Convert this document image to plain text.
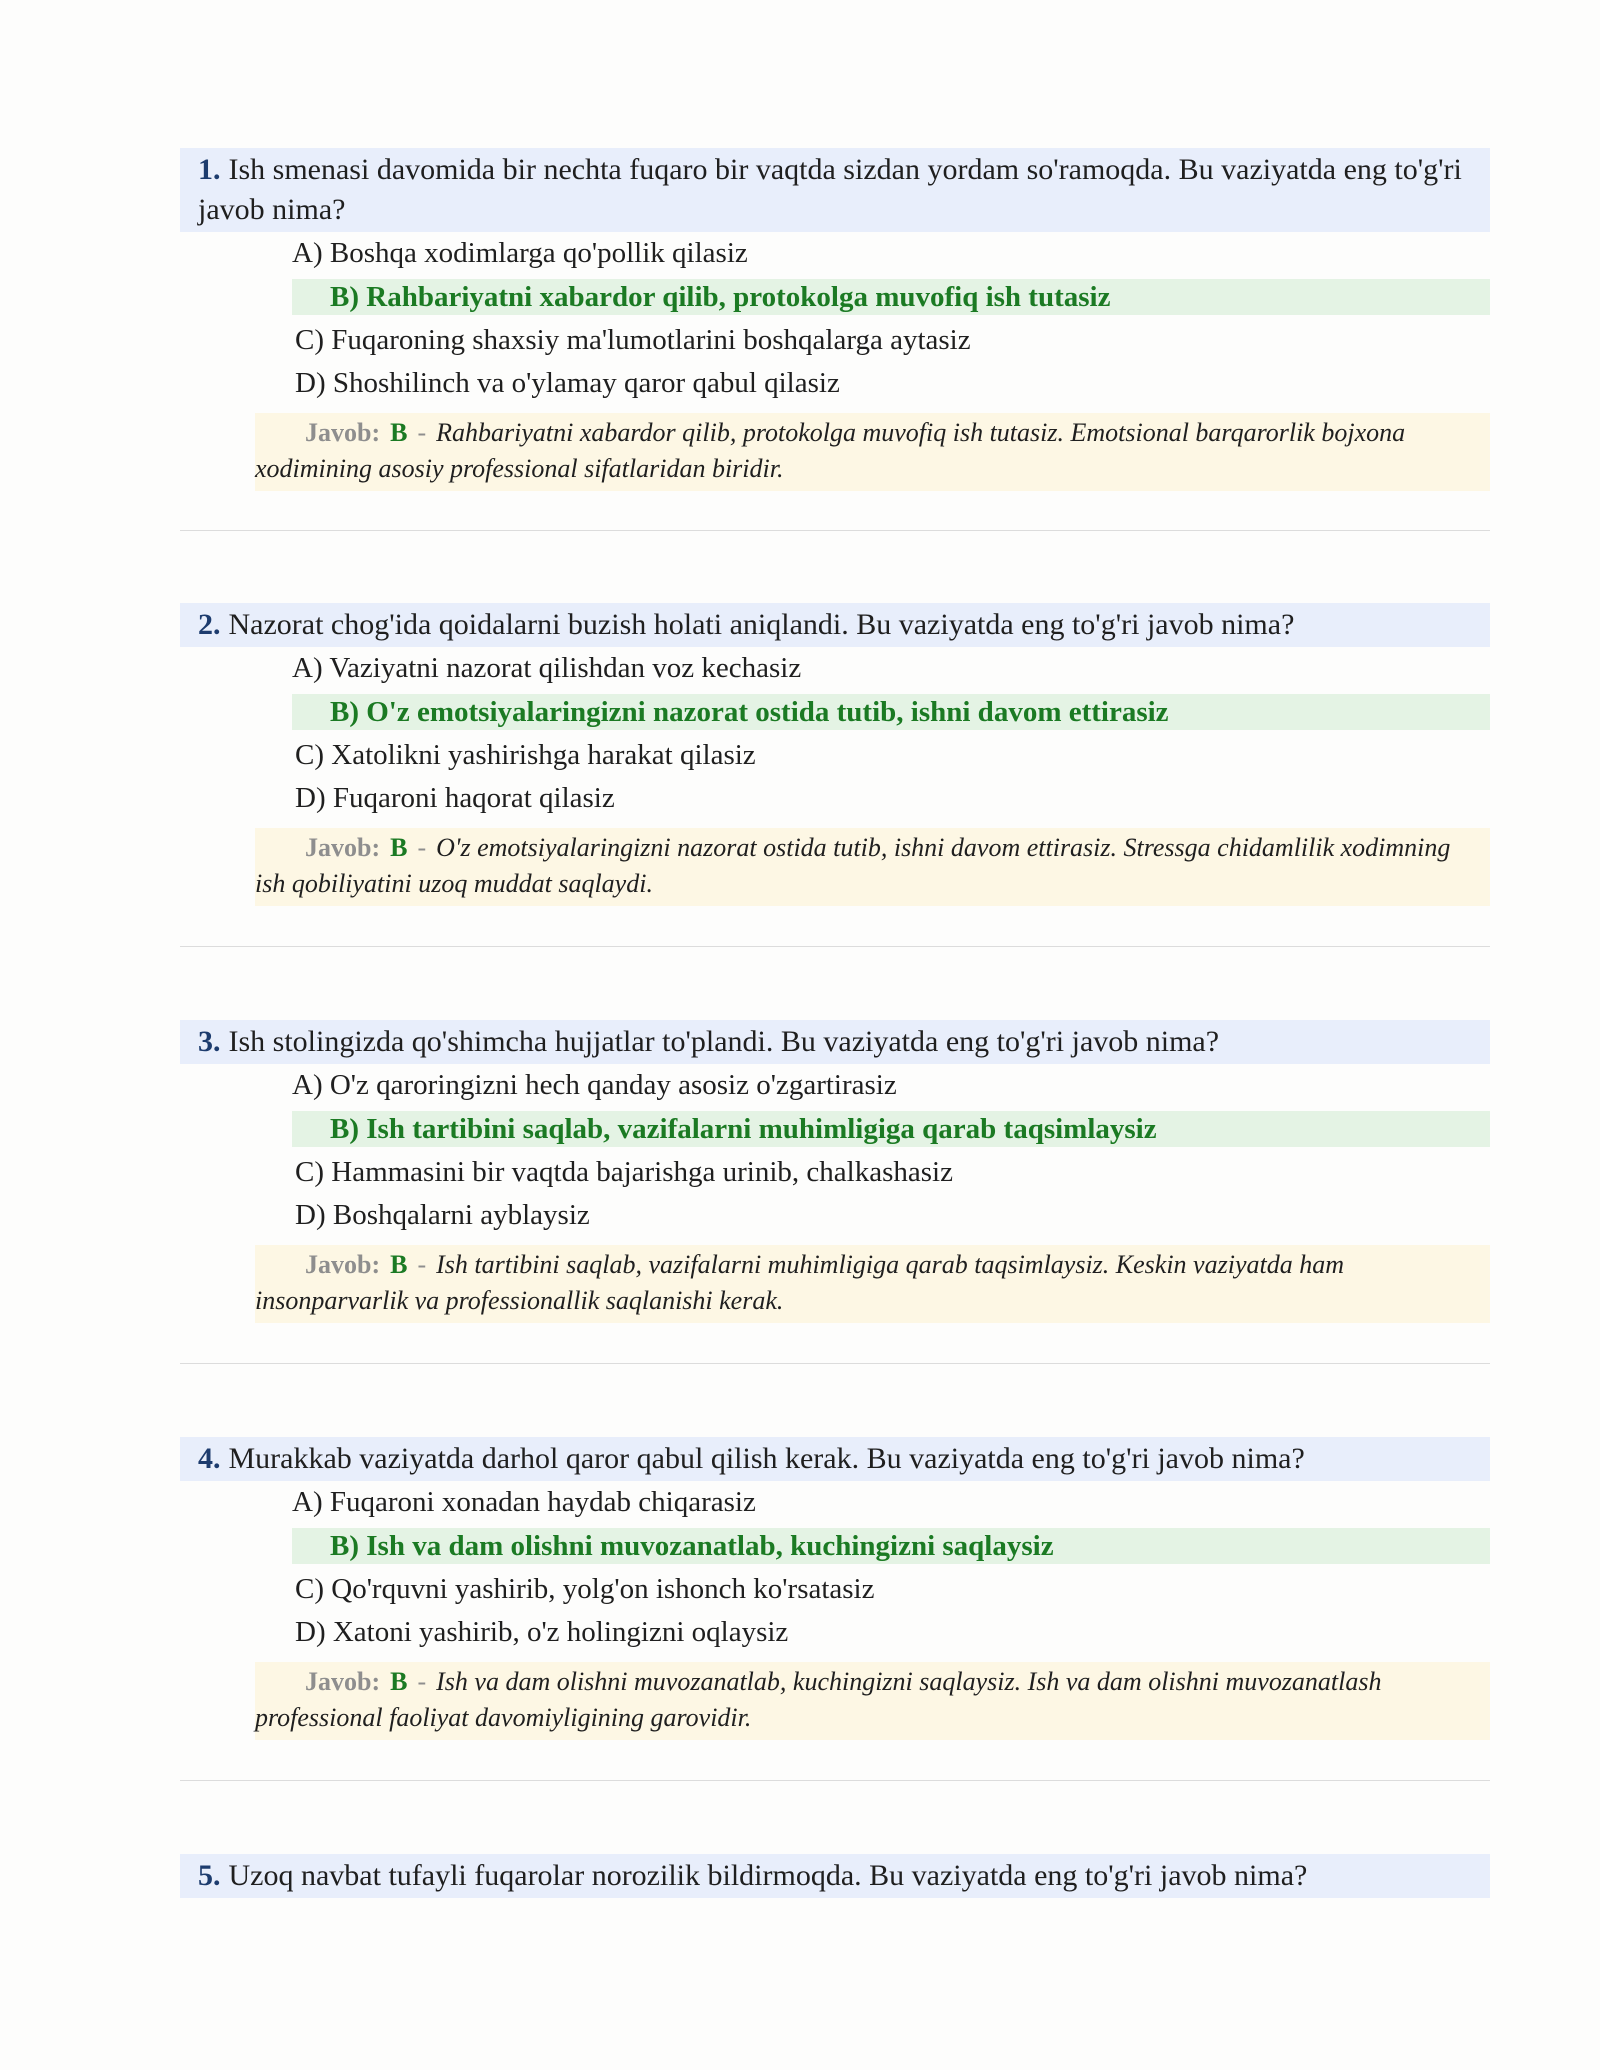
1. Ish smenasi davomida bir nechta fuqaro bir vaqtda sizdan yordam so'ramoqda. Bu vaziyatda eng to'g'ri javob nima?
A) Boshqa xodimlarga qo'pollik qilasiz
B) Rahbariyatni xabardor qilib, protokolga muvofiq ish tutasiz
C) Fuqaroning shaxsiy ma'lumotlarini boshqalarga aytasiz
D) Shoshilinch va o'ylamay qaror qabul qilasiz
Javob: B - Rahbariyatni xabardor qilib, protokolga muvofiq ish tutasiz. Emotsional barqarorlik bojxona xodimining asosiy professional sifatlaridan biridir.
2. Nazorat chog'ida qoidalarni buzish holati aniqlandi. Bu vaziyatda eng to'g'ri javob nima?
A) Vaziyatni nazorat qilishdan voz kechasiz
B) O'z emotsiyalaringizni nazorat ostida tutib, ishni davom ettirasiz
C) Xatolikni yashirishga harakat qilasiz
D) Fuqaroni haqorat qilasiz
Javob: B - O'z emotsiyalaringizni nazorat ostida tutib, ishni davom ettirasiz. Stressga chidamlilik xodimning ish qobiliyatini uzoq muddat saqlaydi.
3. Ish stolingizda qo'shimcha hujjatlar to'plandi. Bu vaziyatda eng to'g'ri javob nima?
A) O'z qaroringizni hech qanday asosiz o'zgartirasiz
B) Ish tartibini saqlab, vazifalarni muhimligiga qarab taqsimlaysiz
C) Hammasini bir vaqtda bajarishga urinib, chalkashasiz
D) Boshqalarni ayblaysiz
Javob: B - Ish tartibini saqlab, vazifalarni muhimligiga qarab taqsimlaysiz. Keskin vaziyatda ham insonparvarlik va professionallik saqlanishi kerak.
4. Murakkab vaziyatda darhol qaror qabul qilish kerak. Bu vaziyatda eng to'g'ri javob nima?
A) Fuqaroni xonadan haydab chiqarasiz
B) Ish va dam olishni muvozanatlab, kuchingizni saqlaysiz
C) Qo'rquvni yashirib, yolg'on ishonch ko'rsatasiz
D) Xatoni yashirib, o'z holingizni oqlaysiz
Javob: B - Ish va dam olishni muvozanatlab, kuchingizni saqlaysiz. Ish va dam olishni muvozanatlash professional faoliyat davomiyligining garovidir.
5. Uzoq navbat tufayli fuqarolar norozilik bildirmoqda. Bu vaziyatda eng to'g'ri javob nima?
